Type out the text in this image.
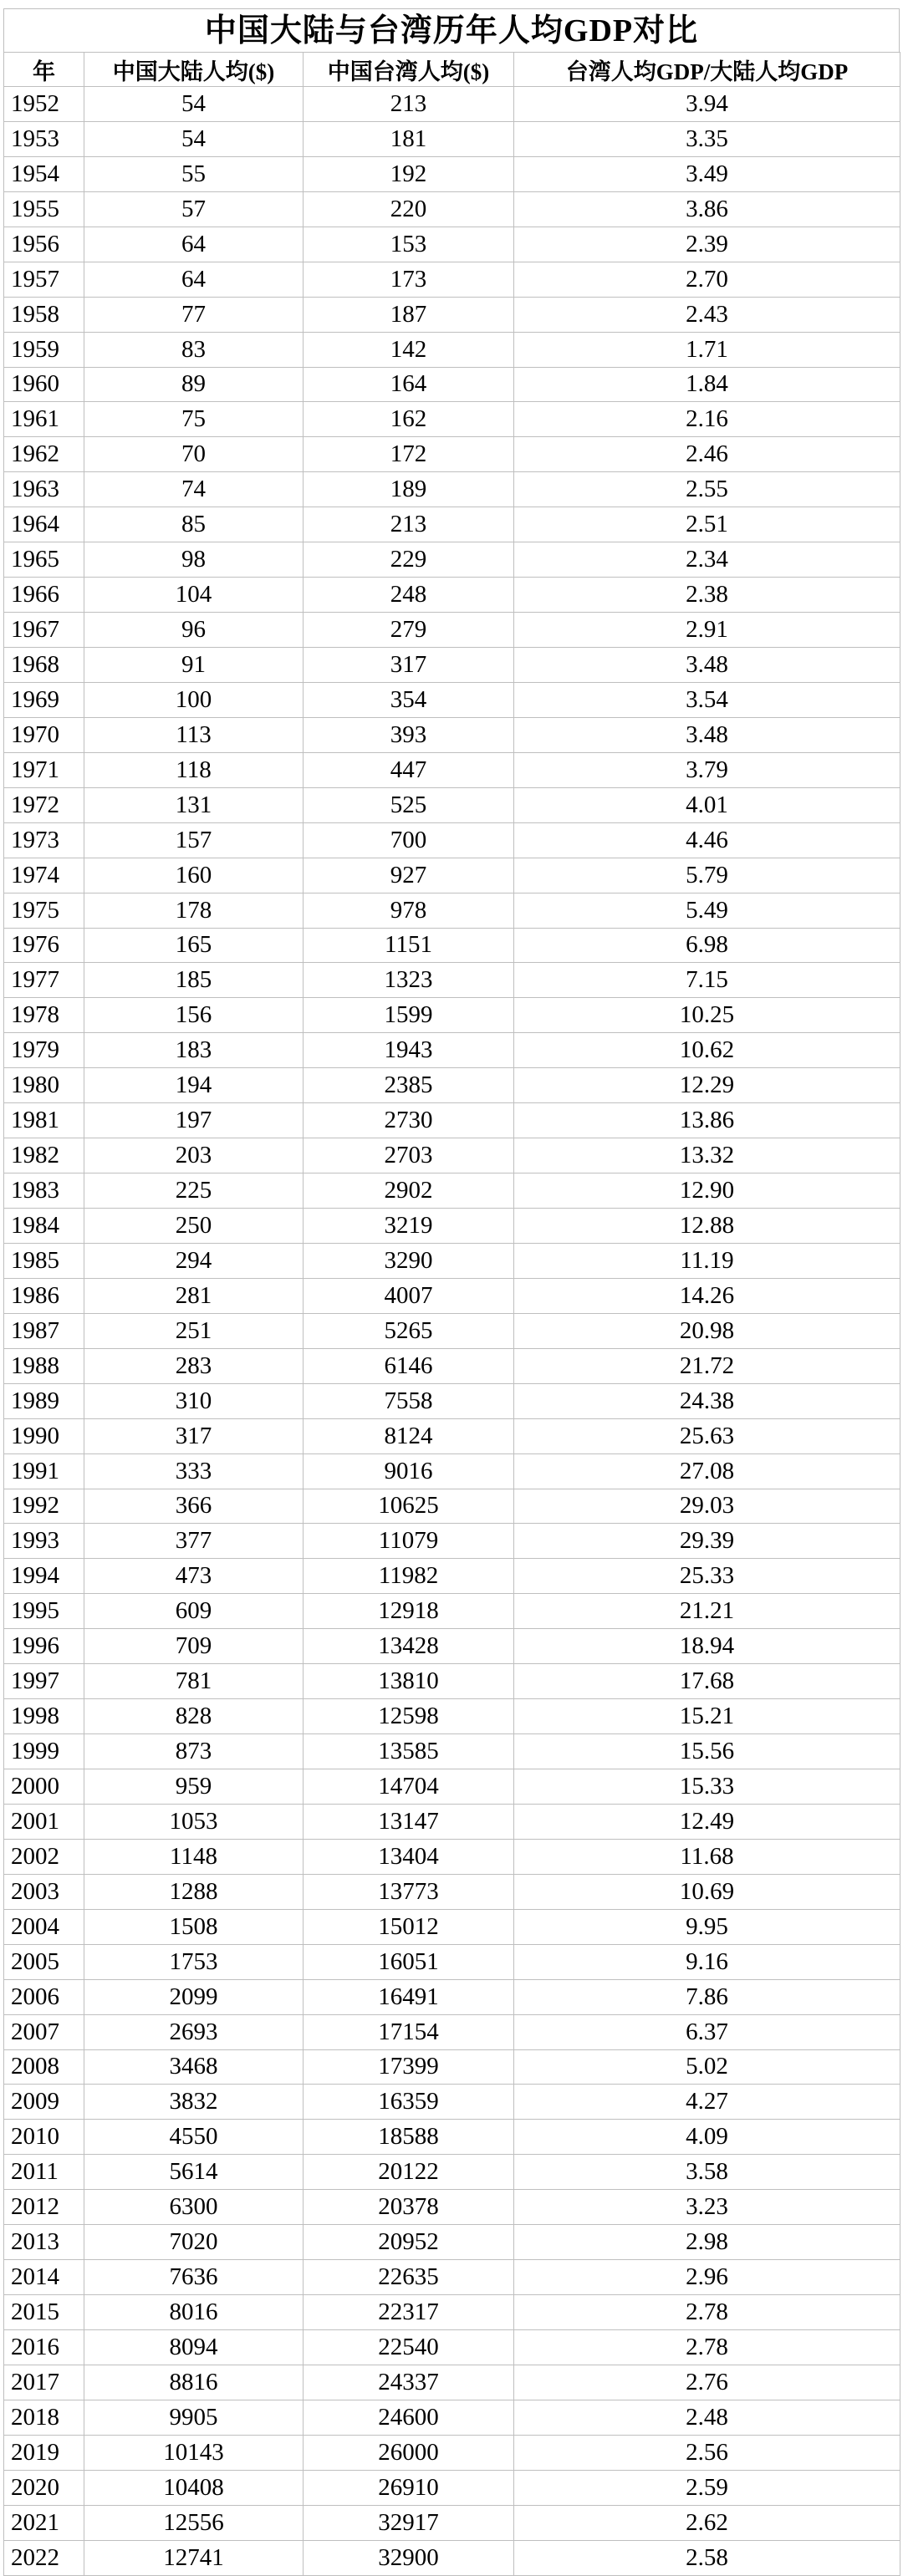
中国大陆与台湾历年人均GDP对比
年	中国大陆人均($)	中国台湾人均($)	台湾人均GDP/大陆人均GDP
1952	54	213	3.94
1953	54	181	3.35
1954	55	192	3.49
1955	57	220	3.86
1956	64	153	2.39
1957	64	173	2.70
1958	77	187	2.43
1959	83	142	1.71
1960	89	164	1.84
1961	75	162	2.16
1962	70	172	2.46
1963	74	189	2.55
1964	85	213	2.51
1965	98	229	2.34
1966	104	248	2.38
1967	96	279	2.91
1968	91	317	3.48
1969	100	354	3.54
1970	113	393	3.48
1971	118	447	3.79
1972	131	525	4.01
1973	157	700	4.46
1974	160	927	5.79
1975	178	978	5.49
1976	165	1151	6.98
1977	185	1323	7.15
1978	156	1599	10.25
1979	183	1943	10.62
1980	194	2385	12.29
1981	197	2730	13.86
1982	203	2703	13.32
1983	225	2902	12.90
1984	250	3219	12.88
1985	294	3290	11.19
1986	281	4007	14.26
1987	251	5265	20.98
1988	283	6146	21.72
1989	310	7558	24.38
1990	317	8124	25.63
1991	333	9016	27.08
1992	366	10625	29.03
1993	377	11079	29.39
1994	473	11982	25.33
1995	609	12918	21.21
1996	709	13428	18.94
1997	781	13810	17.68
1998	828	12598	15.21
1999	873	13585	15.56
2000	959	14704	15.33
2001	1053	13147	12.49
2002	1148	13404	11.68
2003	1288	13773	10.69
2004	1508	15012	9.95
2005	1753	16051	9.16
2006	2099	16491	7.86
2007	2693	17154	6.37
2008	3468	17399	5.02
2009	3832	16359	4.27
2010	4550	18588	4.09
2011	5614	20122	3.58
2012	6300	20378	3.23
2013	7020	20952	2.98
2014	7636	22635	2.96
2015	8016	22317	2.78
2016	8094	22540	2.78
2017	8816	24337	2.76
2018	9905	24600	2.48
2019	10143	26000	2.56
2020	10408	26910	2.59
2021	12556	32917	2.62
2022	12741	32900	2.58
